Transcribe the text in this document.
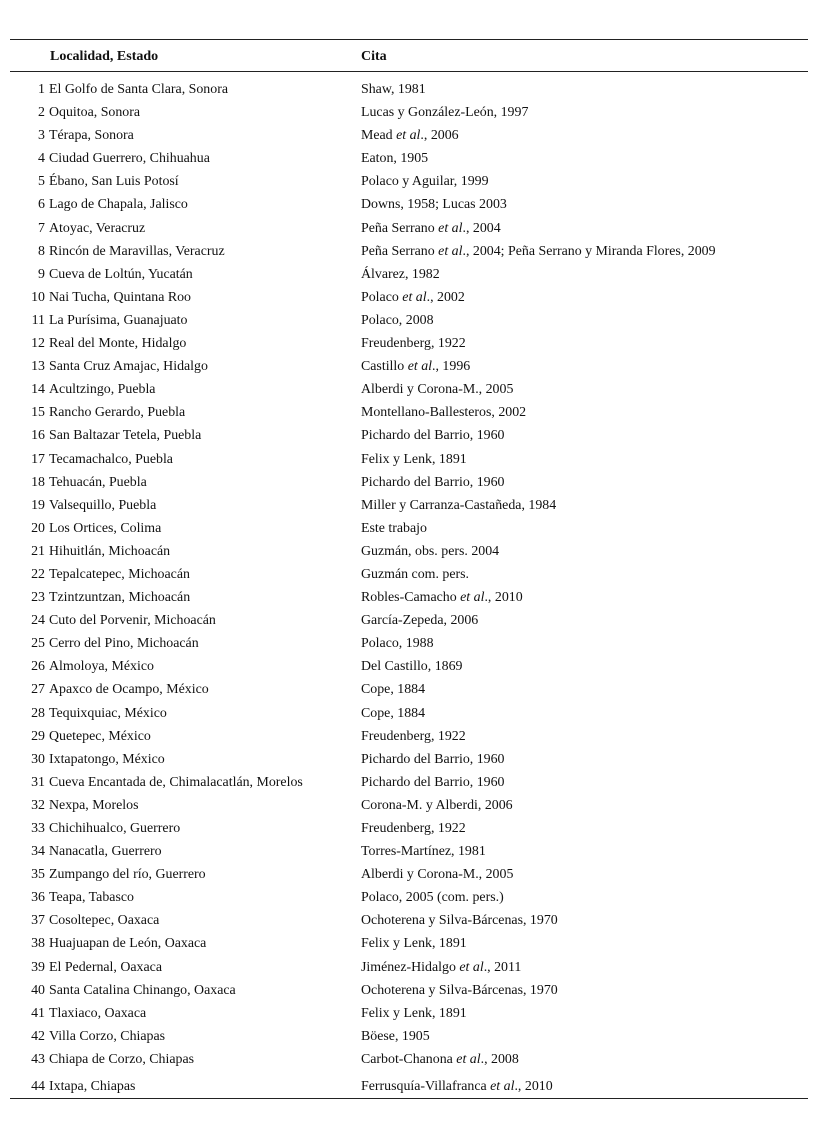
Localidad, Estado	Cita
1 El Golfo de Santa Clara, Sonora	Shaw, 1981
2 Oquitoa, Sonora	Lucas y González-León, 1997
3 Térapa, Sonora	Mead et al., 2006
4 Ciudad Guerrero, Chihuahua	Eaton, 1905
5 Ébano, San Luis Potosí	Polaco y Aguilar, 1999
6 Lago de Chapala, Jalisco	Downs, 1958; Lucas 2003
7 Atoyac, Veracruz	Peña Serrano et al., 2004
8 Rincón de Maravillas, Veracruz	Peña Serrano et al., 2004; Peña Serrano y Miranda Flores, 2009
9 Cueva de Loltún, Yucatán	Álvarez, 1982
10 Nai Tucha, Quintana Roo	Polaco et al., 2002
11 La Purísima, Guanajuato	Polaco, 2008
12 Real del Monte, Hidalgo	Freudenberg, 1922
13 Santa Cruz Amajac, Hidalgo	Castillo et al., 1996
14 Acultzingo, Puebla	Alberdi y Corona-M., 2005
15 Rancho Gerardo, Puebla	Montellano-Ballesteros, 2002
16 San Baltazar Tetela, Puebla	Pichardo del Barrio, 1960
17 Tecamachalco, Puebla	Felix y Lenk, 1891
18 Tehuacán, Puebla	Pichardo del Barrio, 1960
19 Valsequillo, Puebla	Miller y Carranza-Castañeda, 1984
20 Los Ortices, Colima	Este trabajo
21 Hihuitlán, Michoacán	Guzmán, obs. pers. 2004
22 Tepalcatepec, Michoacán	Guzmán com. pers.
23 Tzintzuntzan, Michoacán	Robles-Camacho et al., 2010
24 Cuto del Porvenir, Michoacán	García-Zepeda, 2006
25 Cerro del Pino, Michoacán	Polaco, 1988
26 Almoloya, México	Del Castillo, 1869
27 Apaxco de Ocampo, México	Cope, 1884
28 Tequixquiac, México	Cope, 1884
29 Quetepec, México	Freudenberg, 1922
30 Ixtapatongo, México	Pichardo del Barrio, 1960
31 Cueva Encantada de, Chimalacatlán, Morelos	Pichardo del Barrio, 1960
32 Nexpa, Morelos	Corona-M. y Alberdi, 2006
33 Chichihualco, Guerrero	Freudenberg, 1922
34 Nanacatla, Guerrero	Torres-Martínez, 1981
35 Zumpango del río, Guerrero	Alberdi y Corona-M., 2005
36 Teapa, Tabasco	Polaco, 2005 (com. pers.)
37 Cosoltepec, Oaxaca	Ochoterena y Silva-Bárcenas, 1970
38 Huajuapan de León, Oaxaca	Felix y Lenk, 1891
39 El Pedernal, Oaxaca	Jiménez-Hidalgo et al., 2011
40 Santa Catalina Chinango, Oaxaca	Ochoterena y Silva-Bárcenas, 1970
41 Tlaxiaco, Oaxaca	Felix y Lenk, 1891
42 Villa Corzo, Chiapas	Böese, 1905
43 Chiapa de Corzo, Chiapas	Carbot-Chanona et al., 2008
44 Ixtapa, Chiapas	Ferrusquía-Villafranca et al., 2010
